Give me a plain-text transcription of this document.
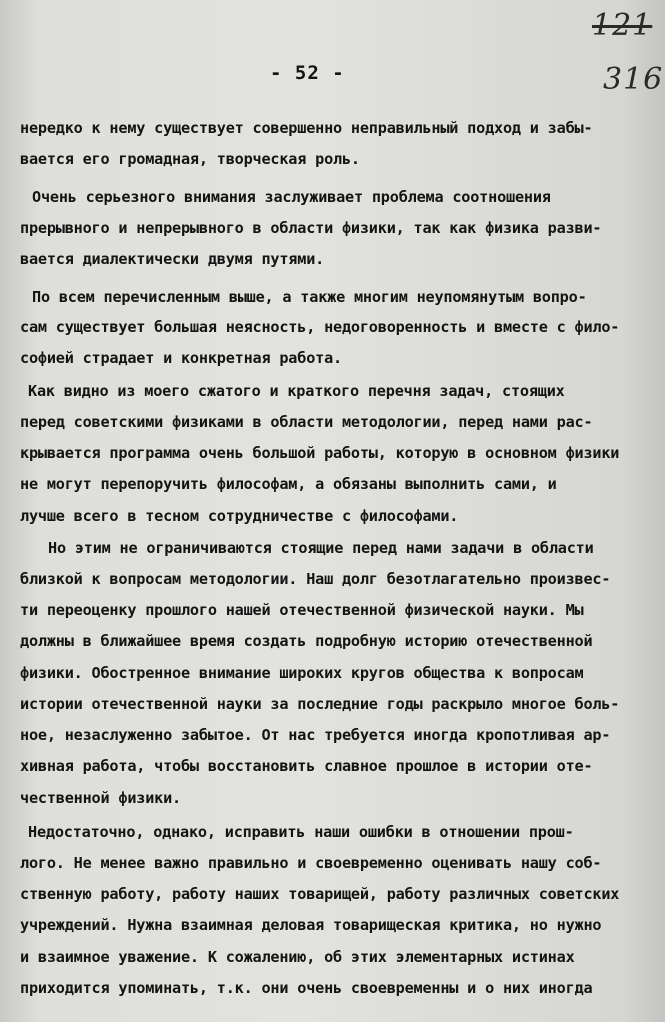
121
316
- 52 -
нередко к нему существует совершенно неправильный подход и забы-
вается его громадная, творческая роль.
Очень серьезного внимания заслуживает проблема соотношения
прерывного и непрерывного в области физики, так как физика разви-
вается диалектически двумя путями.
По всем перечисленным выше, а также многим неупомянутым вопро-
сам существует большая неясность, недоговоренность и вместе с фило-
софией страдает и конкретная работа.
Как видно из моего сжатого и краткого перечня задач, стоящих
перед советскими физиками в области методологии, перед нами рас-
крывается программа очень большой работы, которую в основном физики
не могут перепоручить философам, а обязаны выполнить сами, и
лучше всего в тесном сотрудничестве с философами.
Но этим не ограничиваются стоящие перед нами задачи в области
близкой к вопросам методологии. Наш долг безотлагательно произвес-
ти переоценку прошлого нашей отечественной физической науки. Мы
должны в ближайшее время создать подробную историю отечественной
физики. Обостренное внимание широких кругов общества к вопросам
истории отечественной науки за последние годы раскрыло многое боль-
ное, незаслуженно забытое. От нас требуется иногда кропотливая ар-
хивная работа, чтобы восстановить славное прошлое в истории оте-
чественной физики.
Недостаточно, однако, исправить наши ошибки в отношении прош-
лого. Не менее важно правильно и своевременно оценивать нашу соб-
ственную работу, работу наших товарищей, работу различных советских
учреждений. Нужна взаимная деловая товарищеская критика, но нужно
и взаимное уважение. К сожалению, об этих элементарных истинах
приходится упоминать, т.к. они очень своевременны и о них иногда
